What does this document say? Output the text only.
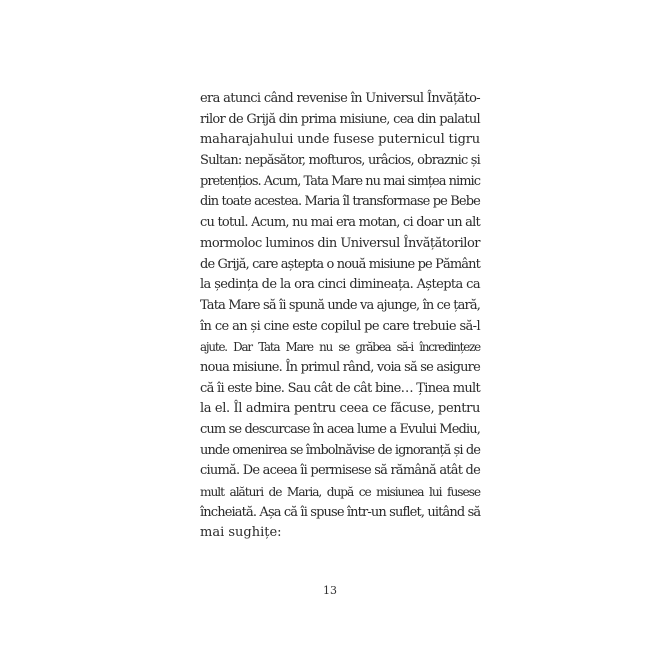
era atunci când revenise în Universul Învățăto-
rilor de Grijă din prima misiune, cea din palatul
maharajahului unde fusese puternicul tigru
Sultan: nepăsător, mofturos, urâcios, obraznic și
pretențios. Acum, Tata Mare nu mai simțea nimic
din toate acestea. Maria îl transformase pe Bebe
cu totul. Acum, nu mai era motan, ci doar un alt
mormoloc luminos din Universul Învățătorilor
de Grijă, care aștepta o nouă misiune pe Pământ
la ședința de la ora cinci dimineața. Aștepta ca
Tata Mare să îi spună unde va ajunge, în ce țară,
în ce an și cine este copilul pe care trebuie să-l
ajute. Dar Tata Mare nu se grăbea să-i încredințeze
noua misiune. În primul rând, voia să se asigure
că îi este bine. Sau cât de cât bine… Ținea mult
la el. Îl admira pentru ceea ce făcuse, pentru
cum se descurcase în acea lume a Evului Mediu,
unde omenirea se îmbolnăvise de ignoranță și de
ciumă. De aceea îi permisese să rămână atât de
mult alături de Maria, după ce misiunea lui fusese
încheiată. Așa că îi spuse într-un suflet, uitând să
mai sughițe:
13
